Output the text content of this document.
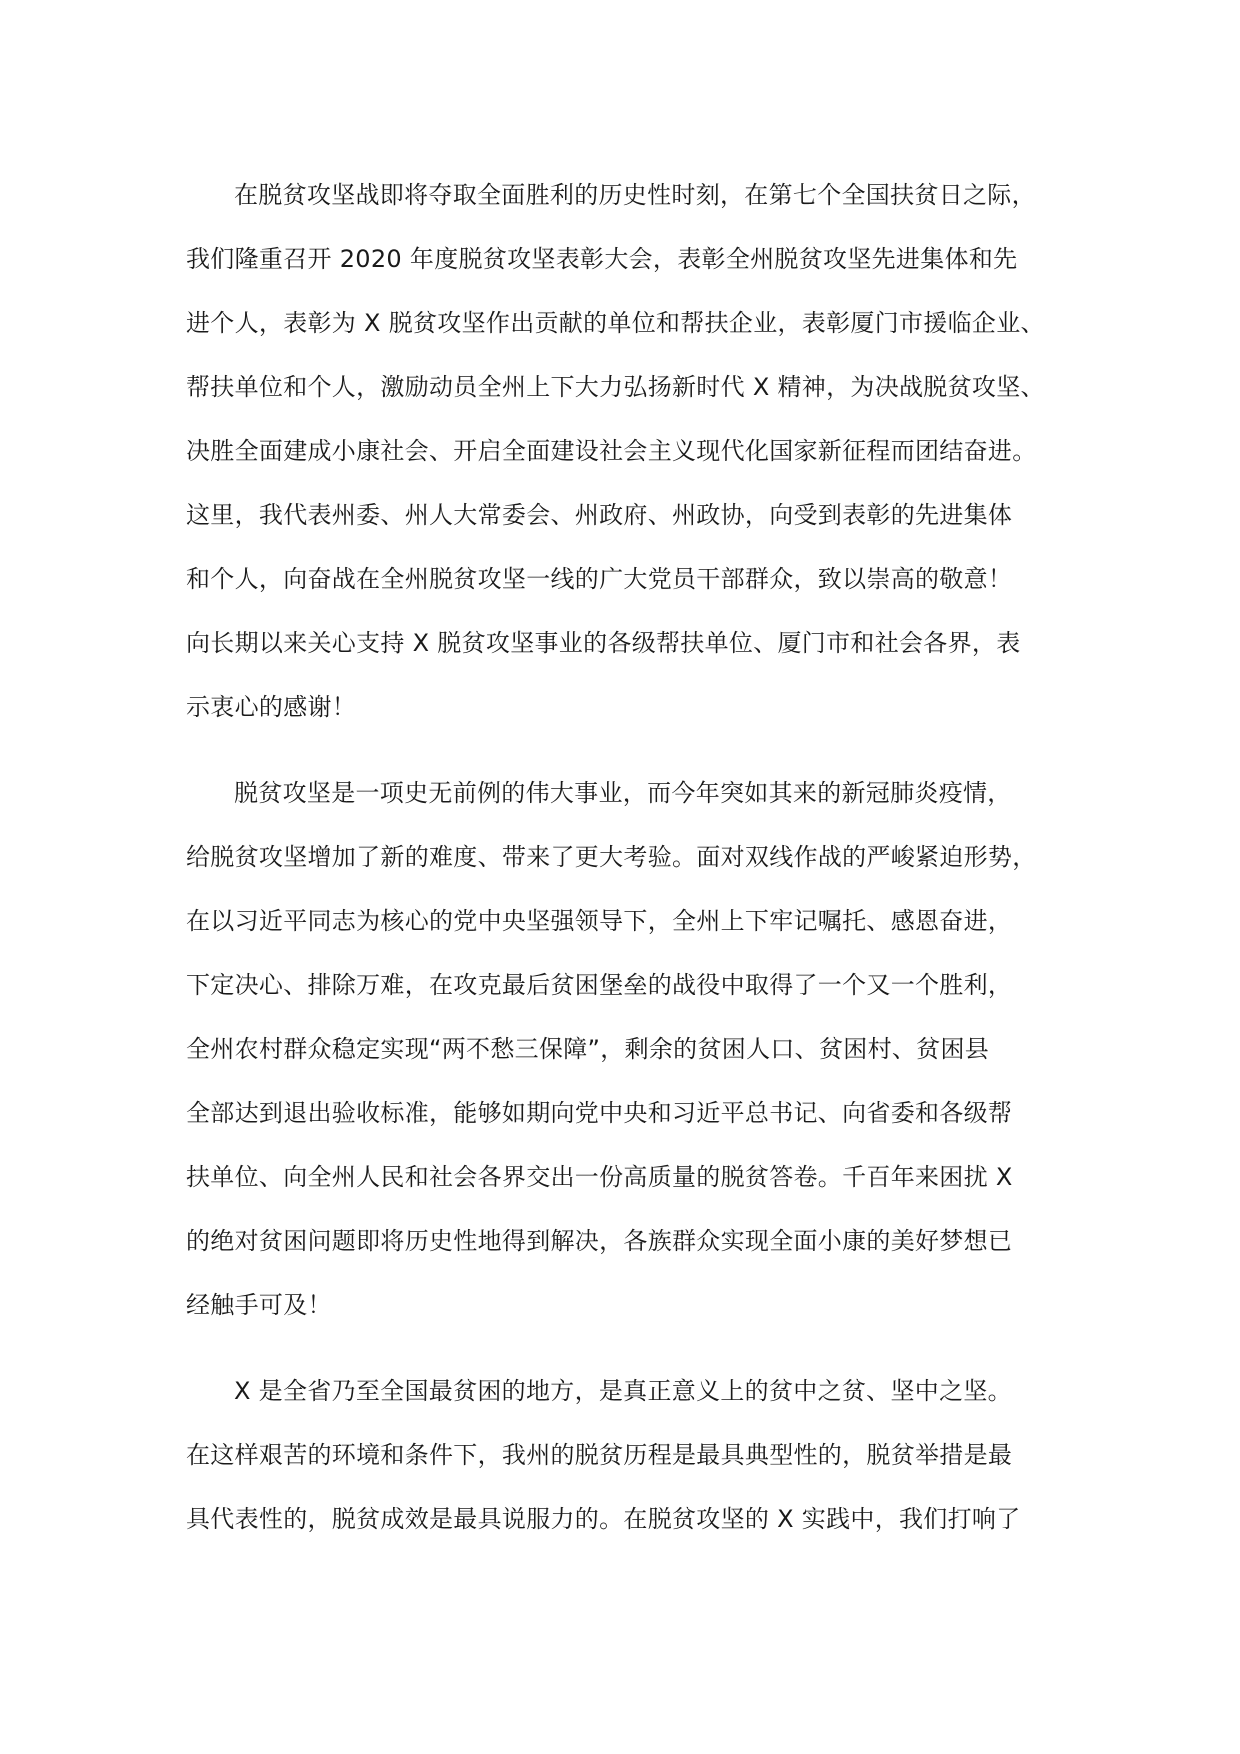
在脱贫攻坚战即将夺取全面胜利的历史性时刻，在第七个全国扶贫日之际，
我们隆重召开 2020 年度脱贫攻坚表彰大会，表彰全州脱贫攻坚先进集体和先
进个人，表彰为 X 脱贫攻坚作出贡献的单位和帮扶企业，表彰厦门市援临企业、
帮扶单位和个人，激励动员全州上下大力弘扬新时代 X 精神，为决战脱贫攻坚、
决胜全面建成小康社会、开启全面建设社会主义现代化国家新征程而团结奋进。
这里，我代表州委、州人大常委会、州政府、州政协，向受到表彰的先进集体
和个人，向奋战在全州脱贫攻坚一线的广大党员干部群众，致以崇高的敬意！
向长期以来关心支持 X 脱贫攻坚事业的各级帮扶单位、厦门市和社会各界，表
示衷心的感谢！
脱贫攻坚是一项史无前例的伟大事业，而今年突如其来的新冠肺炎疫情，
给脱贫攻坚增加了新的难度、带来了更大考验。面对双线作战的严峻紧迫形势，
在以习近平同志为核心的党中央坚强领导下，全州上下牢记嘱托、感恩奋进，
下定决心、排除万难，在攻克最后贫困堡垒的战役中取得了一个又一个胜利，
全州农村群众稳定实现“两不愁三保障”，剩余的贫困人口、贫困村、贫困县
全部达到退出验收标准，能够如期向党中央和习近平总书记、向省委和各级帮
扶单位、向全州人民和社会各界交出一份高质量的脱贫答卷。千百年来困扰 X
的绝对贫困问题即将历史性地得到解决，各族群众实现全面小康的美好梦想已
经触手可及！
X 是全省乃至全国最贫困的地方，是真正意义上的贫中之贫、坚中之坚。
在这样艰苦的环境和条件下，我州的脱贫历程是最具典型性的，脱贫举措是最
具代表性的，脱贫成效是最具说服力的。在脱贫攻坚的 X 实践中，我们打响了
